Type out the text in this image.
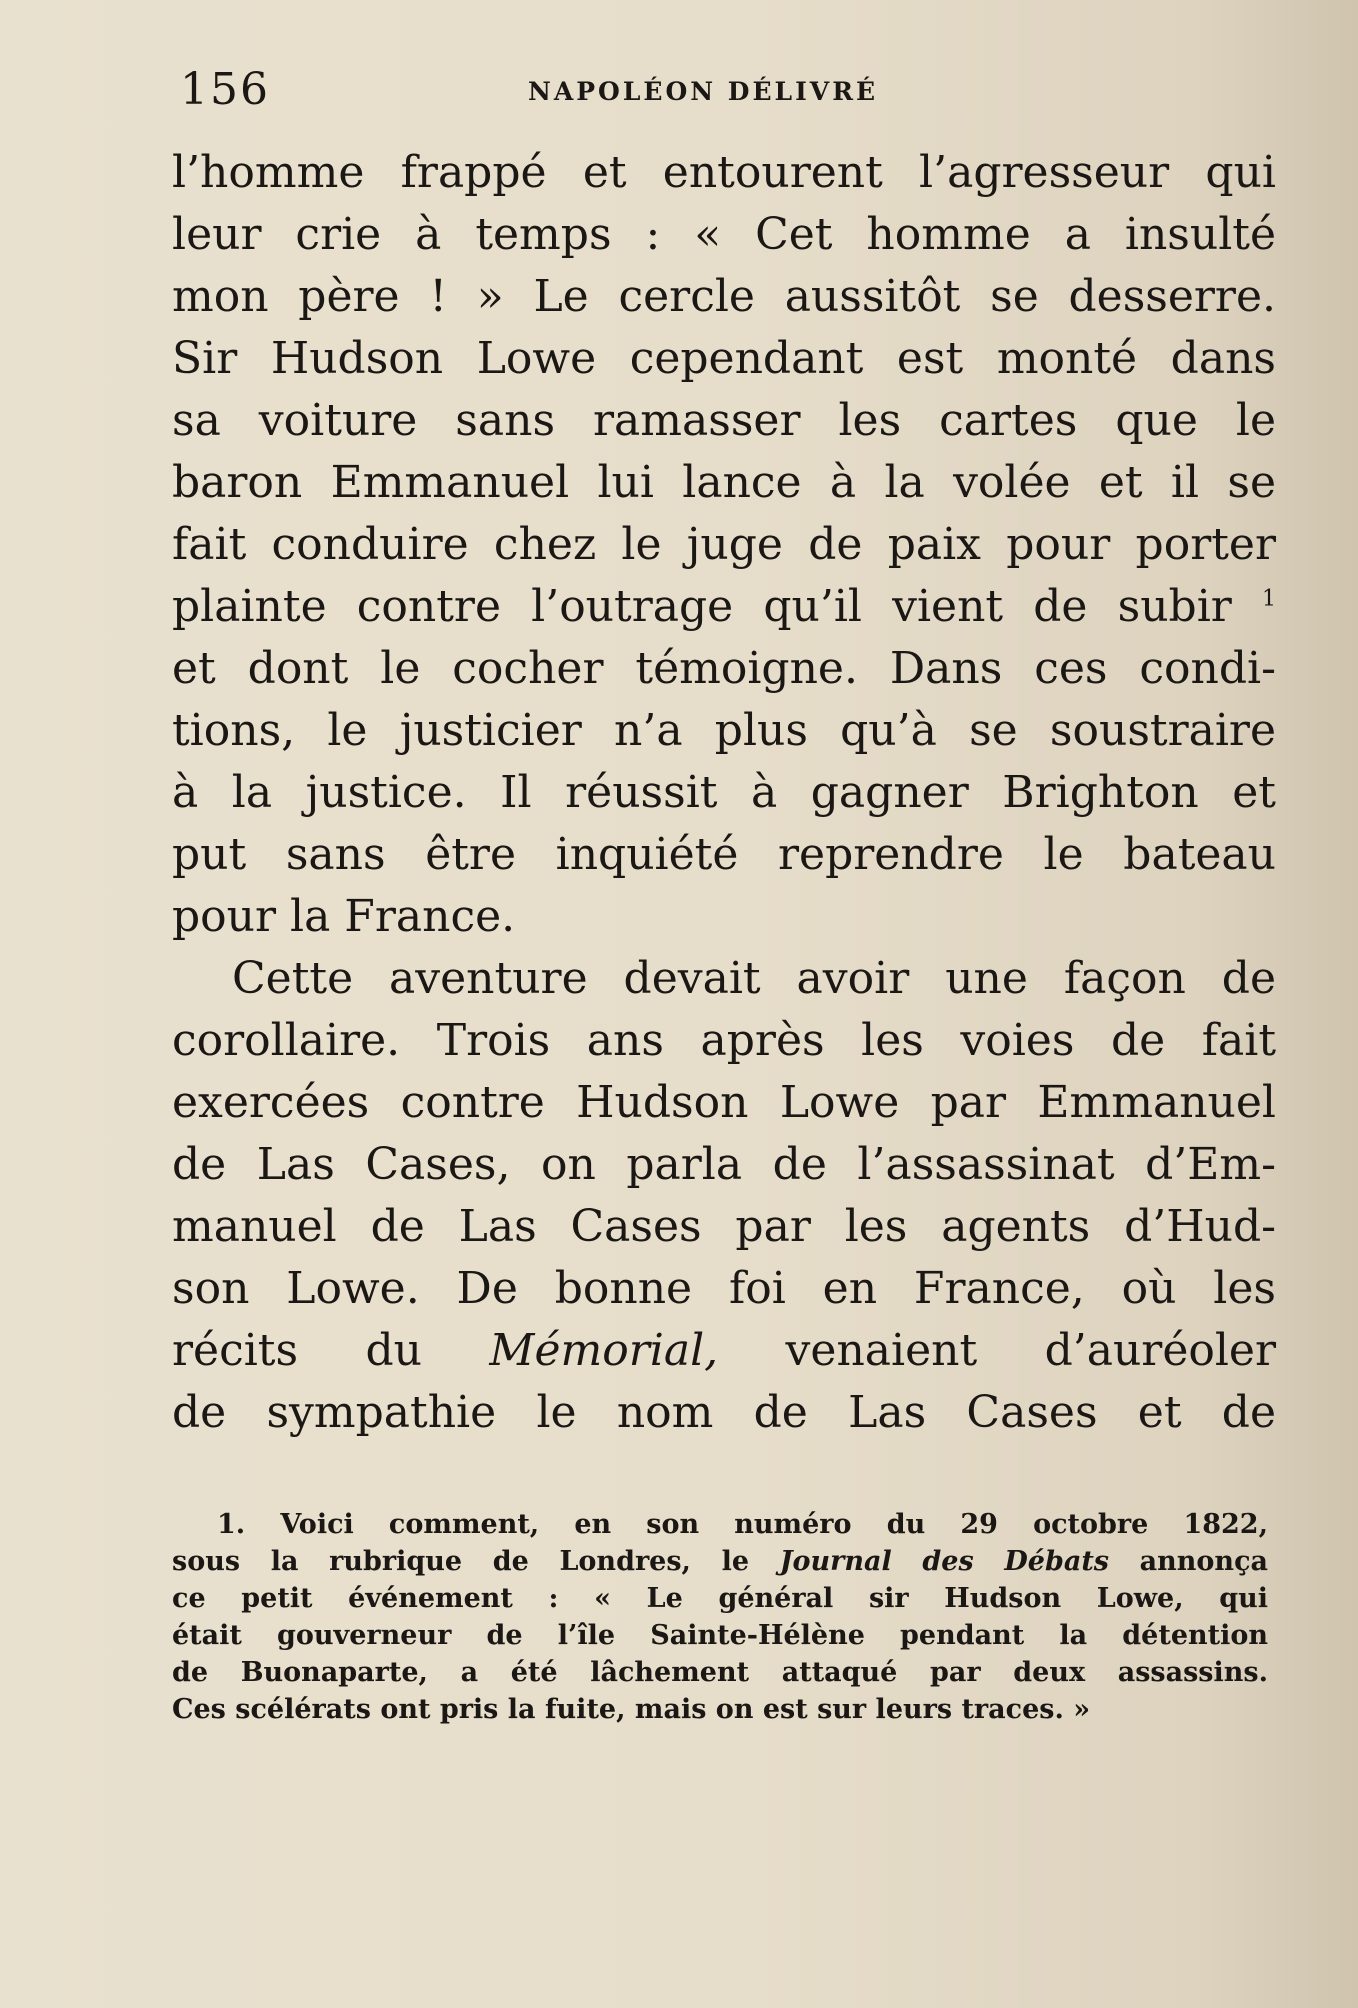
156	NAPOLÉON DÉLIVRÉ
l’homme frappé et entourent l’agresseur qui
leur crie à temps : « Cet homme a insulté
mon père ! » Le cercle aussitôt se desserre.
Sir Hudson Lowe cependant est monté dans
sa voiture sans ramasser les cartes que le
baron Emmanuel lui lance à la volée et il se
fait conduire chez le juge de paix pour porter
plainte contre l’outrage qu’il vient de subir $^1$
et dont le cocher témoigne. Dans ces condi-
tions, le justicier n’a plus qu’à se soustraire
à la justice. Il réussit à gagner Brighton et
put sans être inquiété reprendre le bateau
pour la France.
Cette aventure devait avoir une façon de
corollaire. Trois ans après les voies de fait
exercées contre Hudson Lowe par Emmanuel
de Las Cases, on parla de l’assassinat d’Em-
manuel de Las Cases par les agents d’Hud-
son Lowe. De bonne foi en France, où les
récits du Mémorial, venaient d’auréoler
de sympathie le nom de Las Cases et de
1. Voici comment, en son numéro du 29 octobre 1822,
sous la rubrique de Londres, le Journal des Débats annonça
ce petit événement : « Le général sir Hudson Lowe, qui
était gouverneur de l’île Sainte-Hélène pendant la détention
de Buonaparte, a été lâchement attaqué par deux assassins.
Ces scélérats ont pris la fuite, mais on est sur leurs traces. »
